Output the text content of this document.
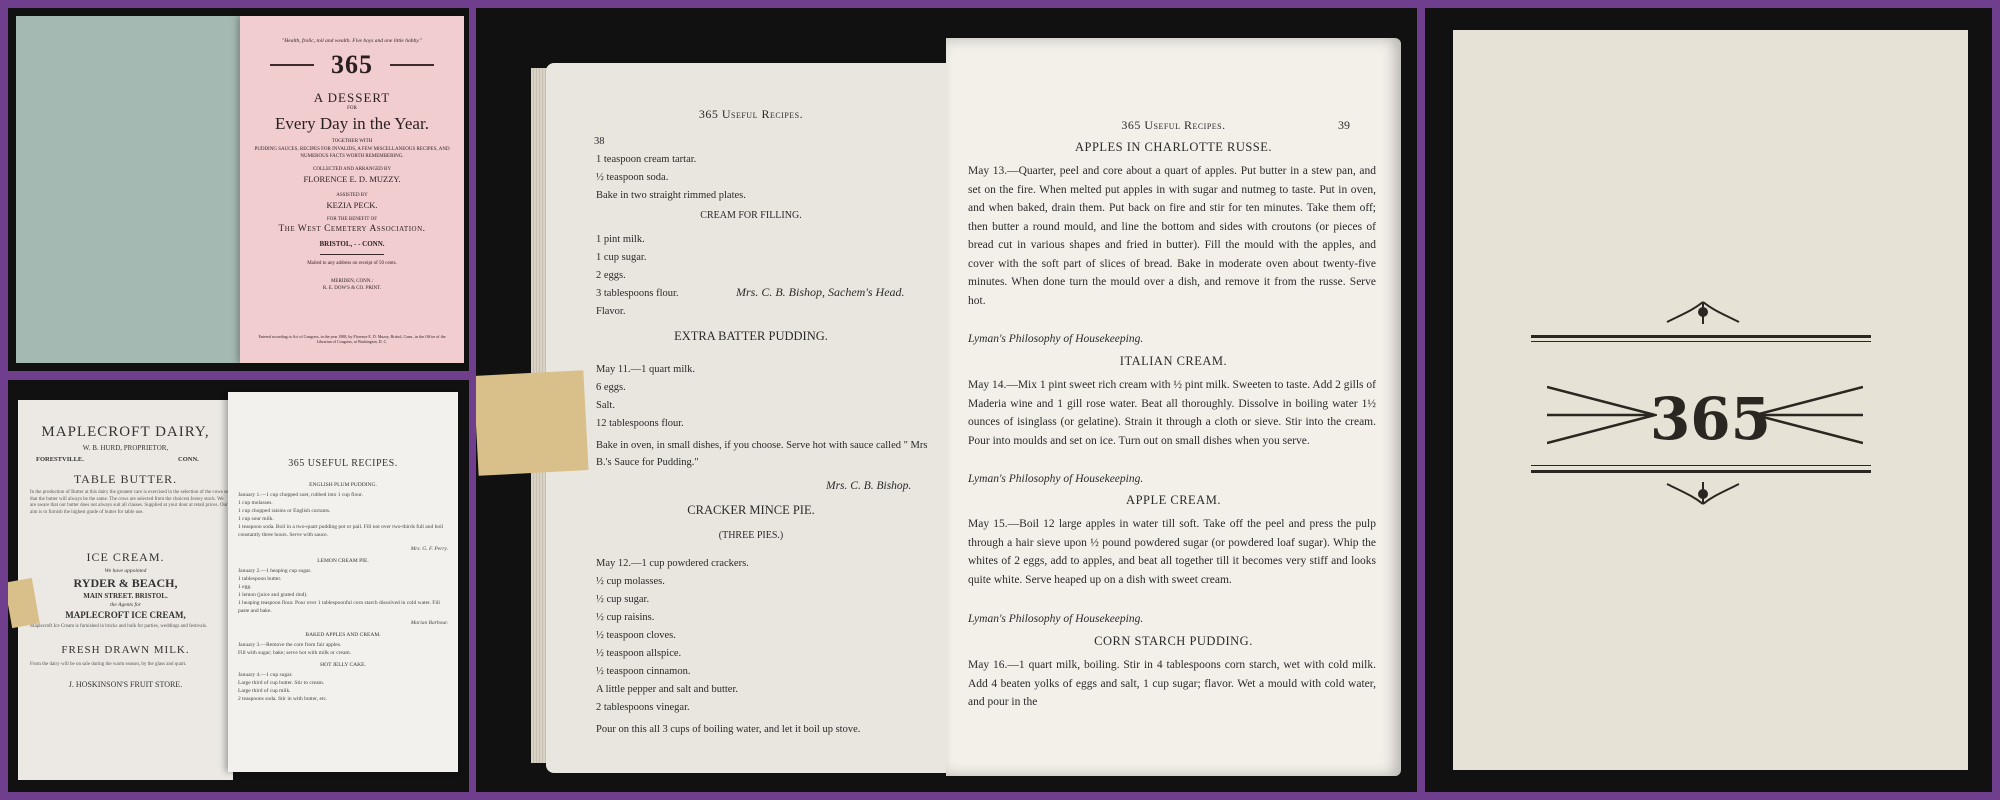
"Health, frolic, toil and wealth. Five boys and one little hobby."
365
A DESSERT
FOR
Every Day in the Year.
TOGETHER WITH
PUDDING SAUCES, RECIPES FOR INVALIDS, A FEW MISCELLANEOUS RECIPES, AND NUMEROUS FACTS WORTH REMEMBERING.
COLLECTED AND ARRANGED BY
FLORENCE E. D. MUZZY.
ASSISTED BY
KEZIA PECK.
FOR THE BENEFIT OF
The West Cemetery Association.
BRISTOL, - - CONN.
Mailed to any address on receipt of 50 cents.
MERIDEN, CONN.:
R. E. DOW'S & CO. PRINT.
Entered according to Act of Congress, in the year 1888, by Florence E. D. Muzzy, Bristol, Conn., in the Office of the Librarian of Congress, at Washington, D. C.
MAPLECROFT DAIRY,
W. B. HURD, PROPRIETOR,
FORESTVILLE.	CONN.
TABLE BUTTER.
In the production of Butter at this dairy the greatest care is exercised in the selection of the cows so that the butter will always be the same. The cows are selected from the choicest Jersey stock. We are aware that our butter does not always suit all classes. Supplied at your door at retail prices. Our aim is to furnish the highest grade of butter for table use.
ICE CREAM.
We have appointed
RYDER & BEACH,
MAIN STREET. BRISTOL.
the Agents for
MAPLECROFT ICE CREAM,
Maplecroft Ice Cream is furnished in bricks and bulk for parties, weddings and festivals.
FRESH DRAWN MILK.
From the dairy will be on sale during the warm season, by the glass and quart.
J. HOSKINSON'S FRUIT STORE.
365 USEFUL RECIPES.
ENGLISH PLUM PUDDING.
January 1.—1 cup chopped suet, rubbed into 1 cup flour.
1 cup molasses.
1 cup chopped raisins or English currants.
1 cup sour milk.
1 teaspoon soda. Boil in a two-quart pudding pot or pail. Fill not over two-thirds full and boil constantly three hours. Serve with sauce.
Mrs. G. F. Perry.
LEMON CREAM PIE.
January 2.—1 heaping cup sugar.
1 tablespoon butter.
1 egg.
1 lemon (juice and grated rind).
1 heaping teaspoon flour. Pour over 1 tablespoonful corn starch dissolved in cold water. Fill paste and bake.
Marian Barbour.
BAKED APPLES AND CREAM.
January 3.—Remove the core from fair apples.
Fill with sugar; bake; serve hot with milk or cream.
HOT JELLY CAKE.
January 4.—1 cup sugar.
Large third of cup butter. Stir to cream.
Large third of cup milk.
2 teaspoons soda. Stir in with butter, etc.
38
365 Useful Recipes.
1 teaspoon cream tartar.
½ teaspoon soda.
Bake in two straight rimmed plates.
CREAM FOR FILLING.
1 pint milk.
1 cup sugar.
2 eggs.
3 tablespoons flour.
Flavor.
Mrs. C. B. Bishop, Sachem's Head.
EXTRA BATTER PUDDING.
May 11.—1 quart milk.
6 eggs.
Salt.
12 tablespoons flour.
Bake in oven, in small dishes, if you choose. Serve hot with sauce called " Mrs B.'s Sauce for Pudding."
Mrs. C. B. Bishop.
CRACKER MINCE PIE.
(THREE PIES.)
May 12.—1 cup powdered crackers.
½ cup molasses.
½ cup sugar.
½ cup raisins.
½ teaspoon cloves.
½ teaspoon allspice.
½ teaspoon cinnamon.
A little pepper and salt and butter.
2 tablespoons vinegar.
Pour on this all 3 cups of boiling water, and let it boil up stove.
365 Useful Recipes.	39
APPLES IN CHARLOTTE RUSSE.
May 13.—Quarter, peel and core about a quart of apples. Put butter in a stew pan, and set on the fire. When melted put apples in with sugar and nutmeg to taste. Put in oven, and when baked, drain them. Put back on fire and stir for ten minutes. Take them off; then butter a round mould, and line the bottom and sides with croutons (or pieces of bread cut in various shapes and fried in butter). Fill the mould with the apples, and cover with the soft part of slices of bread. Bake in moderate oven about twenty-five minutes. When done turn the mould over a dish, and remove it from the russe. Serve hot.
Lyman's Philosophy of Housekeeping.
ITALIAN CREAM.
May 14.—Mix 1 pint sweet rich cream with ½ pint milk. Sweeten to taste. Add 2 gills of Maderia wine and 1 gill rose water. Beat all thoroughly. Dissolve in boiling water 1½ ounces of isinglass (or gelatine). Strain it through a cloth or sieve. Stir into the cream. Pour into moulds and set on ice. Turn out on small dishes when you serve.
Lyman's Philosophy of Housekeeping.
APPLE CREAM.
May 15.—Boil 12 large apples in water till soft. Take off the peel and press the pulp through a hair sieve upon ½ pound powdered sugar (or powdered loaf sugar). Whip the whites of 2 eggs, add to apples, and beat all together till it becomes very stiff and looks quite white. Serve heaped up on a dish with sweet cream.
Lyman's Philosophy of Housekeeping.
CORN STARCH PUDDING.
May 16.—1 quart milk, boiling. Stir in 4 tablespoons corn starch, wet with cold milk. Add 4 beaten yolks of eggs and salt, 1 cup sugar; flavor. Wet a mould with cold water, and pour in the
365
